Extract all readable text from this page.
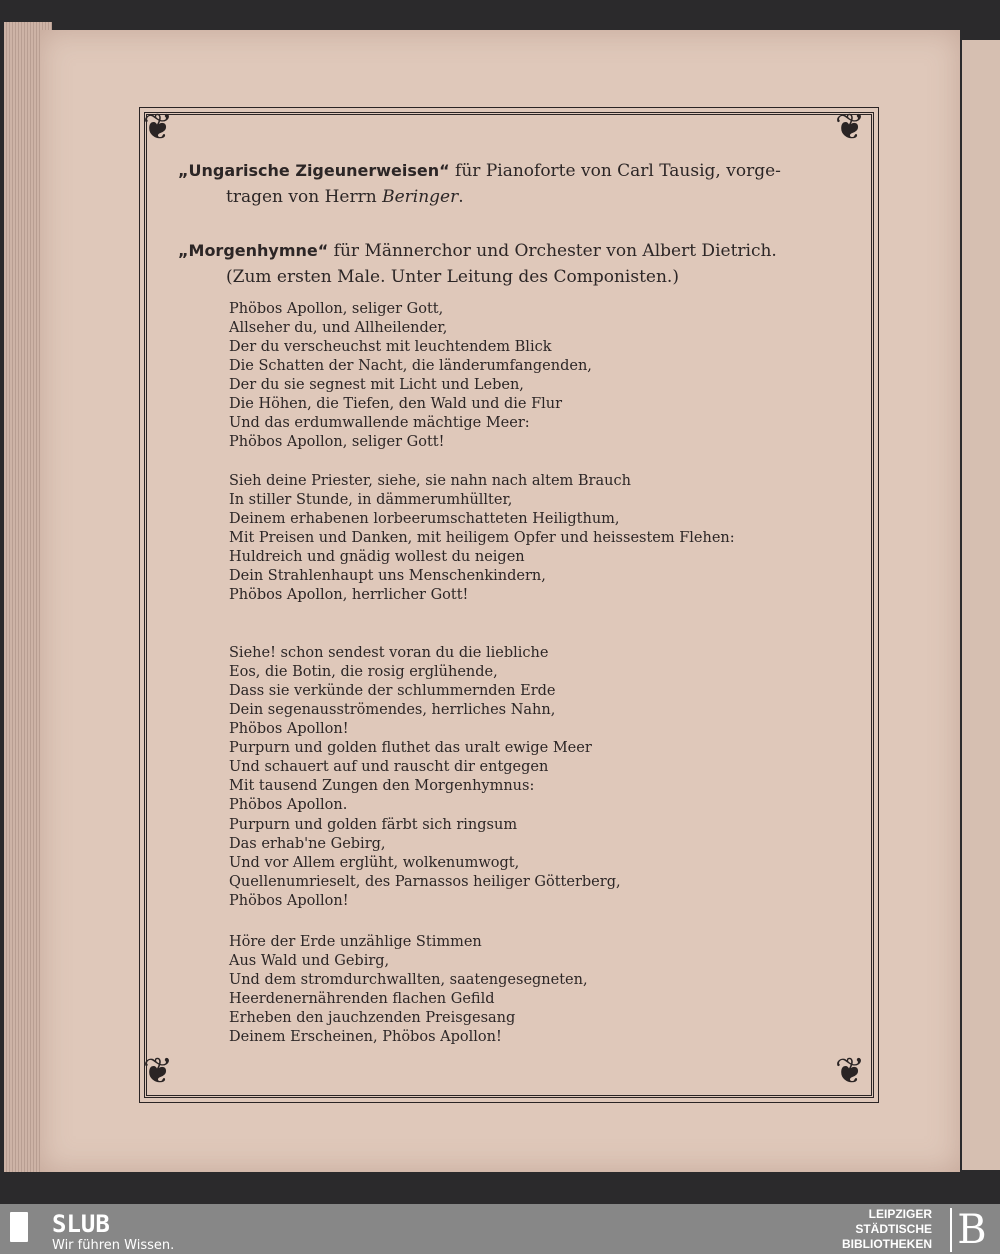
❦	❦
❦	❦
„Ungarische Zigeunerweisen“ für Pianoforte von Carl Tausig, vorge-
tragen von Herrn Beringer.
„Morgenhymne“ für Männerchor und Orchester von Albert Dietrich.
(Zum ersten Male. Unter Leitung des Componisten.)
Phöbos Apollon, seliger Gott,
Allseher du, und Allheilender,
Der du verscheuchst mit leuchtendem Blick
Die Schatten der Nacht, die länderumfangenden,
Der du sie segnest mit Licht und Leben,
Die Höhen, die Tiefen, den Wald und die Flur
Und das erdumwallende mächtige Meer:
Phöbos Apollon, seliger Gott!
Sieh deine Priester, siehe, sie nahn nach altem Brauch
In stiller Stunde, in dämmerumhüllter,
Deinem erhabenen lorbeerumschatteten Heiligthum,
Mit Preisen und Danken, mit heiligem Opfer und heissestem Flehen:
Huldreich und gnädig wollest du neigen
Dein Strahlenhaupt uns Menschenkindern,
Phöbos Apollon, herrlicher Gott!
Siehe! schon sendest voran du die liebliche
Eos, die Botin, die rosig erglühende,
Dass sie verkünde der schlummernden Erde
Dein segenausströmendes, herrliches Nahn,
Phöbos Apollon!
Purpurn und golden fluthet das uralt ewige Meer
Und schauert auf und rauscht dir entgegen
Mit tausend Zungen den Morgenhymnus:
Phöbos Apollon.
Purpurn und golden färbt sich ringsum
Das erhab'ne Gebirg,
Und vor Allem erglüht, wolkenumwogt,
Quellenumrieselt, des Parnassos heiliger Götterberg,
Phöbos Apollon!
Höre der Erde unzählige Stimmen
Aus Wald und Gebirg,
Und dem stromdurchwallten, saatengesegneten,
Heerdenernährenden flachen Gefild
Erheben den jauchzenden Preisgesang
Deinem Erscheinen, Phöbos Apollon!
SLUB
Wir führen Wissen.
LEIPZIGER
STÄDTISCHE
BIBLIOTHEKEN B
